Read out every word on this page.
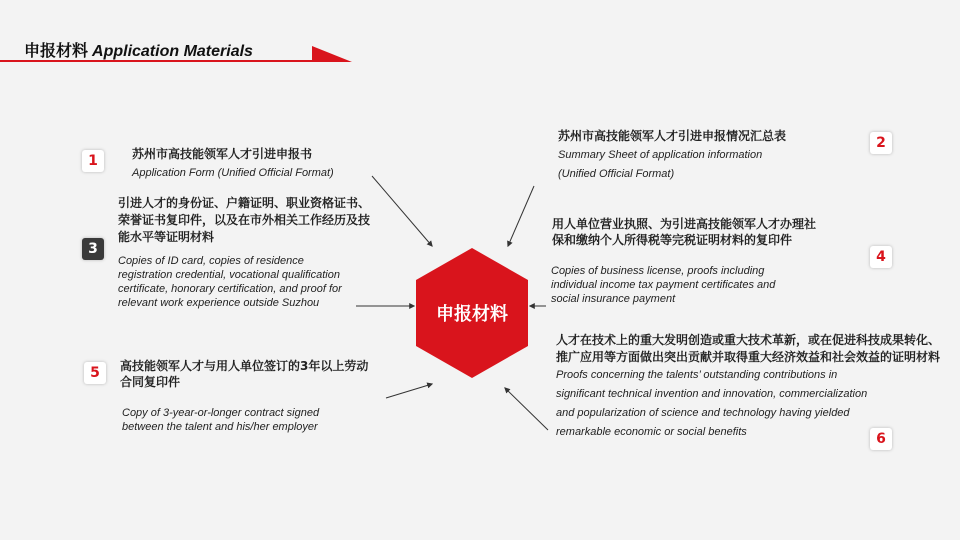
申报材料 Application Materials
申报材料
1	苏州市高技能领军人才引进申报书
Application Form (Unified Official Format)
苏州市高技能领军人才引进申报情况汇总表
Summary Sheet of application information
(Unified Official Format)
2
3
引进人才的身份证、户籍证明、职业资格证书、
荣誉证书复印件，以及在市外相关工作经历及技
能水平等证明材料
Copies of ID card, copies of residence
registration credential, vocational qualification
certificate, honorary certification, and proof for
relevant work experience outside Suzhou
用人单位营业执照、为引进高技能领军人才办理社
保和缴纳个人所得税等完税证明材料的复印件
Copies of business license, proofs including
individual income tax payment certificates and
social insurance payment
4
5	高技能领军人才与用人单位签订的3年以上劳动
合同复印件
Copy of 3-year-or-longer contract signed
between the talent and his/her employer
人才在技术上的重大发明创造或重大技术革新，或在促进科技成果转化、
推广应用等方面做出突出贡献并取得重大经济效益和社会效益的证明材料
Proofs concerning the talents’ outstanding contributions in
significant technical invention and innovation, commercialization
and popularization of science and technology having yielded
remarkable economic or social benefits	6
